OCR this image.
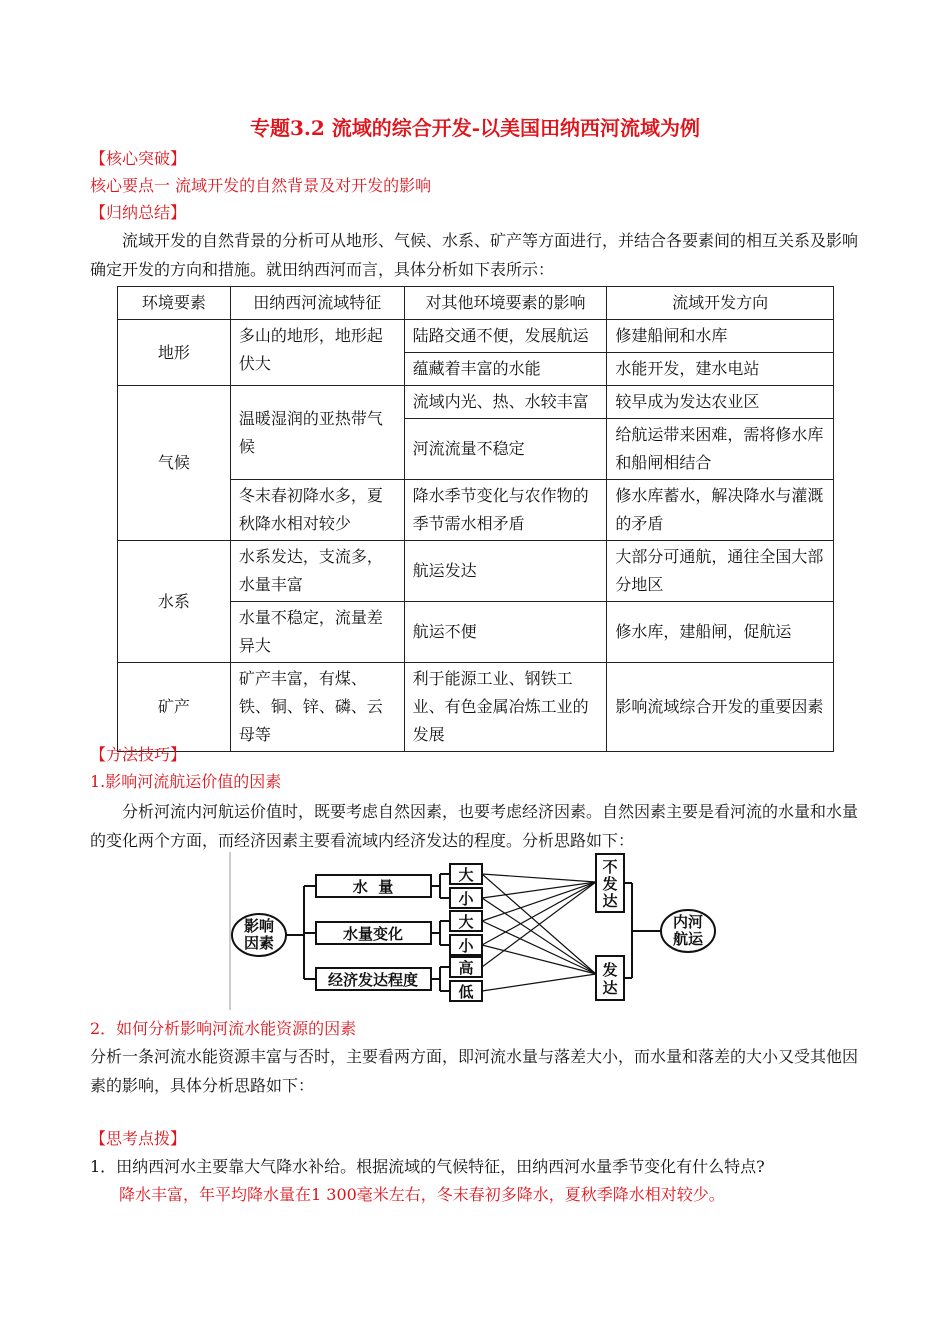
专题3.2 流域的综合开发-以美国田纳西河流域为例
【核心突破】
核心要点一 流域开发的自然背景及对开发的影响
【归纳总结】
流域开发的自然背景的分析可从地形、气候、水系、矿产等方面进行，并结合各要素间的相互关系及影响确定开发的方向和措施。就田纳西河而言，具体分析如下表所示：
环境要素	田纳西河流域特征	对其他环境要素的影响	流域开发方向
地形	多山的地形，地形起伏大	陆路交通不便，发展航运	修建船闸和水库
		蕴藏着丰富的水能	水能开发，建水电站
气候	温暖湿润的亚热带气候	流域内光、热、水较丰富	较早成为发达农业区
		河流流量不稳定	给航运带来困难，需将修水库和船闸相结合
	冬末春初降水多，夏秋降水相对较少	降水季节变化与农作物的季节需水相矛盾	修水库蓄水，解决降水与灌溉的矛盾
水系	水系发达，支流多，水量丰富	航运发达	大部分可通航，通往全国大部分地区
	水量不稳定，流量差异大	航运不便	修水库，建船闸，促航运
矿产	矿产丰富，有煤、铁、铜、锌、磷、云母等	利于能源工业、钢铁工业、有色金属冶炼工业的发展	影响流域综合开发的重要因素
【方法技巧】
1.影响河流航运价值的因素
分析河流内河航运价值时，既要考虑自然因素，也要考虑经济因素。自然因素主要是看河流的水量和水量的变化两个方面，而经济因素主要看流域内经济发达的程度。分析思路如下：
影响
因素
水  量
水量变化
经济发达程度
大
小
大
小
高
低
不
发
达
发
达
内河
航运
2．如何分析影响河流水能资源的因素
分析一条河流水能资源丰富与否时，主要看两方面，即河流水量与落差大小，而水量和落差的大小又受其他因素的影响，具体分析思路如下：
【思考点拨】
1．田纳西河水主要靠大气降水补给。根据流域的气候特征，田纳西河水量季节变化有什么特点?
降水丰富，年平均降水量在1 300毫米左右，冬末春初多降水，夏秋季降水相对较少。
